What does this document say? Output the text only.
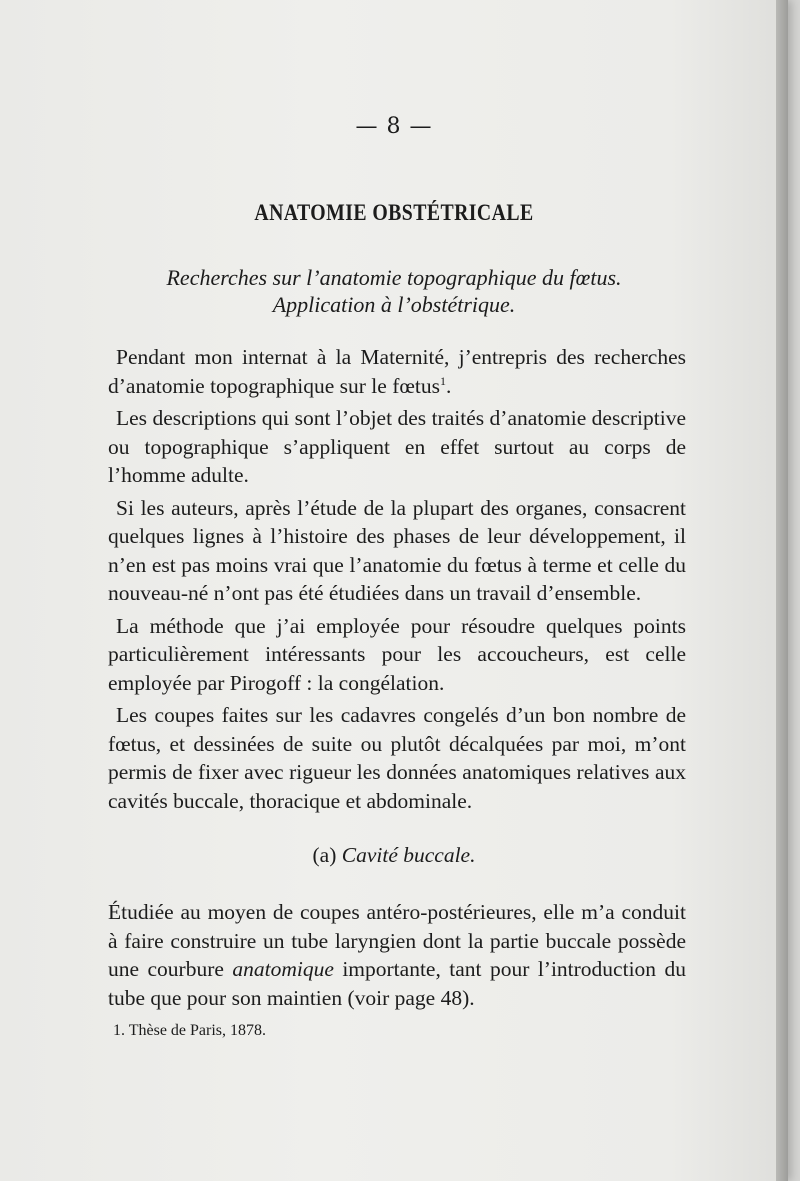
— 8 —
ANATOMIE OBSTÉTRICALE
Recherches sur l’anatomie topographique du fœtus.
Application à l’obstétrique.

Pendant mon internat à la Maternité, j’entrepris des recherches d’anatomie topographique sur le fœtus$^1$.

Les descriptions qui sont l’objet des traités d’anatomie descriptive ou topographique s’appliquent en effet surtout au corps de l’homme adulte.

Si les auteurs, après l’étude de la plupart des organes, consacrent quelques lignes à l’histoire des phases de leur développement, il n’en est pas moins vrai que l’anatomie du fœtus à terme et celle du nouveau-né n’ont pas été étudiées dans un travail d’ensemble.

La méthode que j’ai employée pour résoudre quelques points particulièrement intéressants pour les accoucheurs, est celle employée par Pirogoff : la congélation.

Les coupes faites sur les cadavres congelés d’un bon nombre de fœtus, et dessinées de suite ou plutôt décalquées par moi, m’ont permis de fixer avec rigueur les données anatomiques relatives aux cavités buccale, thoracique et abdominale.

(a) Cavité buccale.

Étudiée au moyen de coupes antéro-postérieures, elle m’a conduit à faire construire un tube laryngien dont la partie buccale possède une courbure anatomique importante, tant pour l’introduction du tube que pour son maintien (voir page 48).

1. Thèse de Paris, 1878.
